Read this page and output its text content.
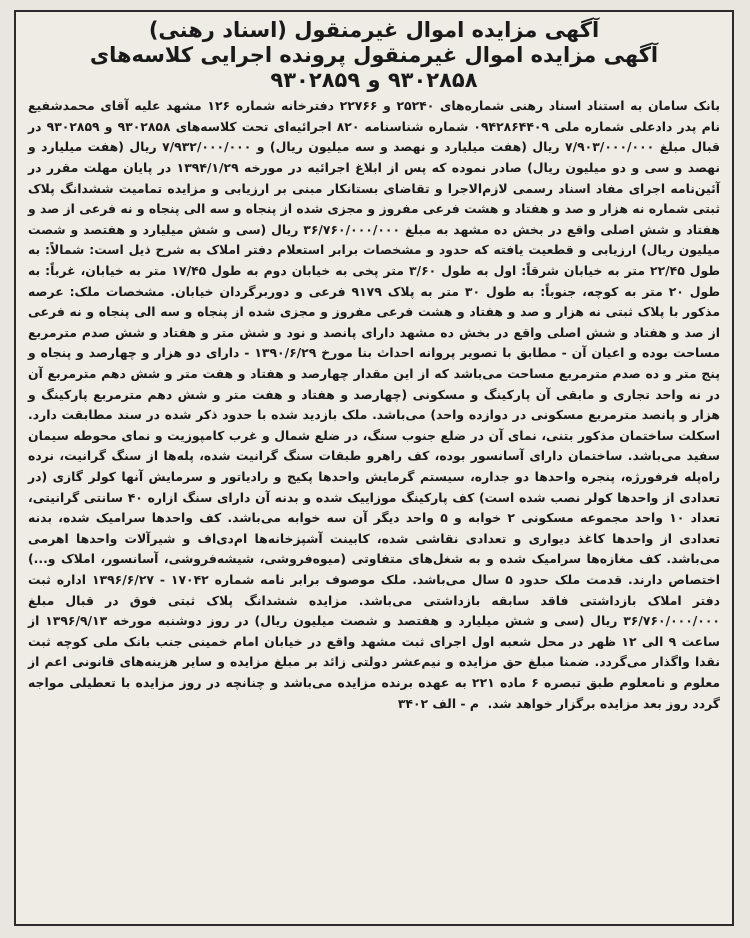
آگهی مزایده اموال غیرمنقول (اسناد رهنی)

آگهی مزایده اموال غیرمنقول پرونده اجرایی کلاسه‌های

۹۳۰۲۸۵۸ و ۹۳۰۲۸۵۹

بانک سامان به استناد اسناد رهنی شماره‌های ۲۵۲۴۰ و ۲۲۷۶۶ دفترخانه شماره ۱۲۶ مشهد علیه آقای محمدشفیع نام پدر دادعلی شماره ملی ۰۹۴۲۸۶۴۴۰۹ شماره شناسنامه ۸۲۰ اجرائیه‌ای تحت کلاسه‌های ۹۳۰۲۸۵۸ و ۹۳۰۲۸۵۹ در قبال مبلغ ۷/۹۰۳/۰۰۰/۰۰۰ ریال (هفت میلیارد و نهصد و سه میلیون ریال) و ۷/۹۳۲/۰۰۰/۰۰۰ ریال (هفت میلیارد و نهصد و سی و دو میلیون ریال) صادر نموده که پس از ابلاغ اجرائیه در مورخه ۱۳۹۴/۱/۲۹ در پایان مهلت مقرر در آئین‌نامه اجرای مفاد اسناد رسمی لازم‌الاجرا و تقاضای بستانکار مبنی بر ارزیابی و مزایده تمامیت ششدانگ پلاک ثبتی شماره نه هزار و صد و هفتاد و هشت فرعی مفروز و مجزی شده از پنجاه و سه الی پنجاه و نه فرعی از صد و هفتاد و شش اصلی واقع در بخش ده مشهد به مبلغ ۳۶/۷۶۰/۰۰۰/۰۰۰ ریال (سی و شش میلیارد و هفتصد و شصت میلیون ریال) ارزیابی و قطعیت یافته که حدود و مشخصات برابر استعلام دفتر املاک به شرح ذیل است: شمالاً: به طول ۲۲/۴۵ متر به خیابان شرقاً: اول به طول ۳/۶۰ متر پخی به خیابان دوم به طول ۱۷/۴۵ متر به خیابان، غرباً: به طول ۲۰ متر به کوچه، جنوباً: به طول ۳۰ متر به پلاک ۹۱۷۹ فرعی و دوربرگردان خیابان. مشخصات ملک: عرصه مذکور با پلاک ثبتی نه هزار و صد و هفتاد و هشت فرعی مفروز و مجزی شده از پنجاه و سه الی پنجاه و نه فرعی از صد و هفتاد و شش اصلی واقع در بخش ده مشهد دارای پانصد و نود و شش متر و هفتاد و شش صدم مترمربع مساحت بوده و اعیان آن - مطابق با تصویر پروانه احداث بنا مورخ ۱۳۹۰/۶/۲۹ - دارای دو هزار و چهارصد و پنجاه و پنج متر و ده صدم مترمربع مساحت می‌باشد که از این مقدار چهارصد و هفتاد و هفت متر و شش دهم مترمربع آن در نه واحد تجاری و مابقی آن پارکینگ و مسکونی (چهارصد و هفتاد و هفت متر و شش دهم مترمربع پارکینگ و هزار و پانصد مترمربع مسکونی در دوازده واحد) می‌باشد. ملک بازدید شده با حدود ذکر شده در سند مطابقت دارد. اسکلت ساختمان مذکور بتنی، نمای آن در ضلع جنوب سنگ، در ضلع شمال و غرب کامپوزیت و نمای محوطه سیمان سفید می‌باشد. ساختمان دارای آسانسور بوده، کف راهرو طبقات سنگ گرانیت شده، پله‌ها از سنگ گرانیت، نرده راه‌پله فرفورژه، پنجره واحدها دو جداره، سیستم گرمایش واحدها پکیج و رادیاتور و سرمایش آنها کولر گازی (در تعدادی از واحدها کولر نصب شده است) کف پارکینگ موزاییک شده و بدنه آن دارای سنگ ازاره ۴۰ سانتی گرانیتی، تعداد ۱۰ واحد مجموعه مسکونی ۲ خوابه و ۵ واحد دیگر آن سه خوابه می‌باشد. کف واحدها سرامیک شده، بدنه تعدادی از واحدها کاغذ دیواری و تعدادی نقاشی شده، کابینت آشپزخانه‌ها ام‌دی‌اف و شیرآلات واحدها اهرمی می‌باشد. کف مغازه‌ها سرامیک شده و به شغل‌های متفاوتی (میوه‌فروشی، شیشه‌فروشی، آسانسور، املاک و...) اختصاص دارند. قدمت ملک حدود ۵ سال می‌باشد. ملک موصوف برابر نامه شماره ۱۷۰۴۲ - ۱۳۹۶/۶/۲۷ اداره ثبت دفتر املاک بازداشتی فاقد سابقه بازداشتی می‌باشد. مزایده ششدانگ پلاک ثبتی فوق در قبال مبلغ ۳۶/۷۶۰/۰۰۰/۰۰۰ ریال (سی و شش میلیارد و هفتصد و شصت میلیون ریال) در روز دوشنبه مورخه ۱۳۹۶/۹/۱۳ از ساعت ۹ الی ۱۲ ظهر در محل شعبه اول اجرای ثبت مشهد واقع در خیابان امام خمینی جنب بانک ملی کوچه ثبت نقدا واگذار می‌گردد. ضمنا مبلغ حق مزایده و نیم‌عشر دولتی زائد بر مبلغ مزایده و سایر هزینه‌های قانونی اعم از معلوم و نامعلوم طبق تبصره ۶ ماده ۲۲۱ به عهده برنده مزایده می‌باشد و چنانچه در روز مزایده با تعطیلی مواجه گردد روز بعد مزایده برگزار خواهد شد.  م - الف ۳۴۰۲
